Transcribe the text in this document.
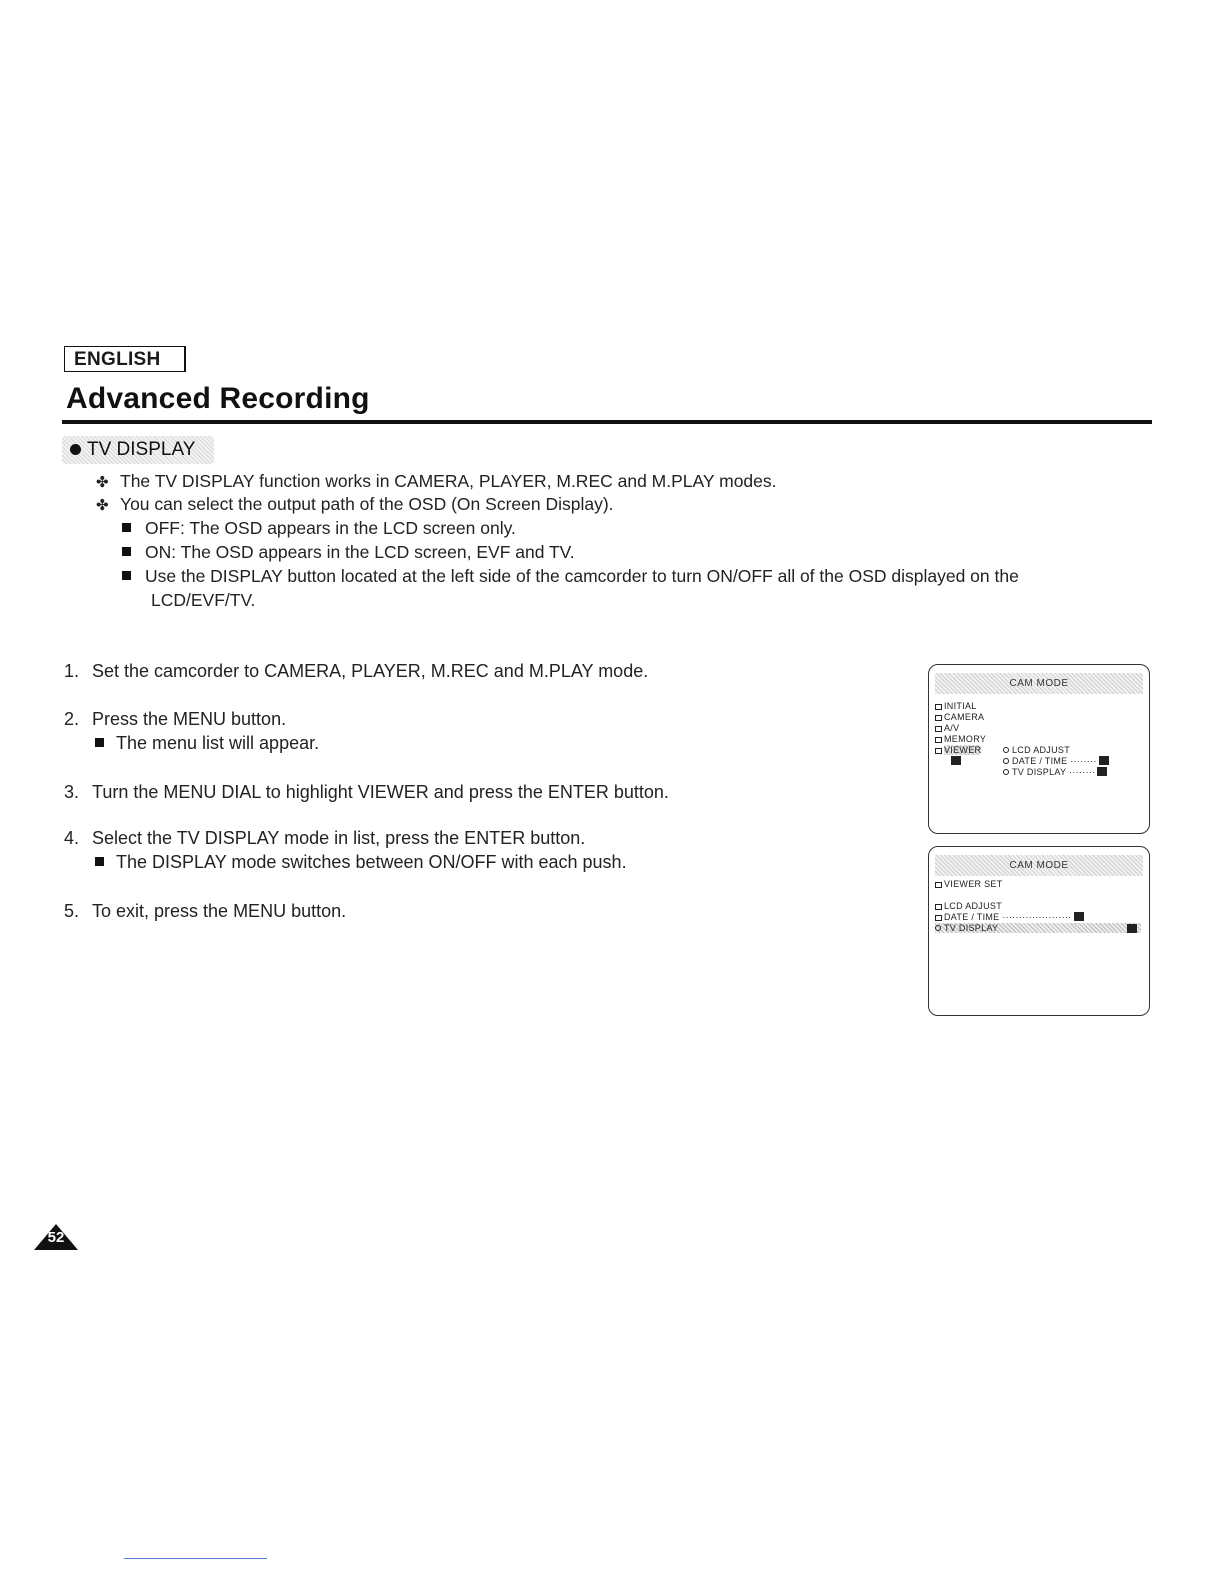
ENGLISH
Advanced Recording
TV DISPLAY
✤ The TV DISPLAY function works in CAMERA, PLAYER, M.REC and M.PLAY modes.
✤ You can select the output path of the OSD (On Screen Display).
OFF: The OSD appears in the LCD screen only.
ON: The OSD appears in the LCD screen, EVF and TV.
Use the DISPLAY button located at the left side of the camcorder to turn ON/OFF all of the OSD displayed on the
LCD/EVF/TV.
1. Set the camcorder to CAMERA, PLAYER, M.REC and M.PLAY mode.
2. Press the MENU button.
The menu list will appear.
3. Turn the MENU DIAL to highlight VIEWER and press the ENTER button.
4. Select the TV DISPLAY mode in list, press the ENTER button.
The DISPLAY mode switches between ON/OFF with each push.
5. To exit, press the MENU button.
CAM MODE
INITIAL
CAMERA
A/V
MEMORY
VIEWER	LCD ADJUST
DATE / TIME ········
TV DISPLAY ········
CAM MODE
VIEWER SET
LCD ADJUST
DATE / TIME ·····················
TV DISPLAY
52
